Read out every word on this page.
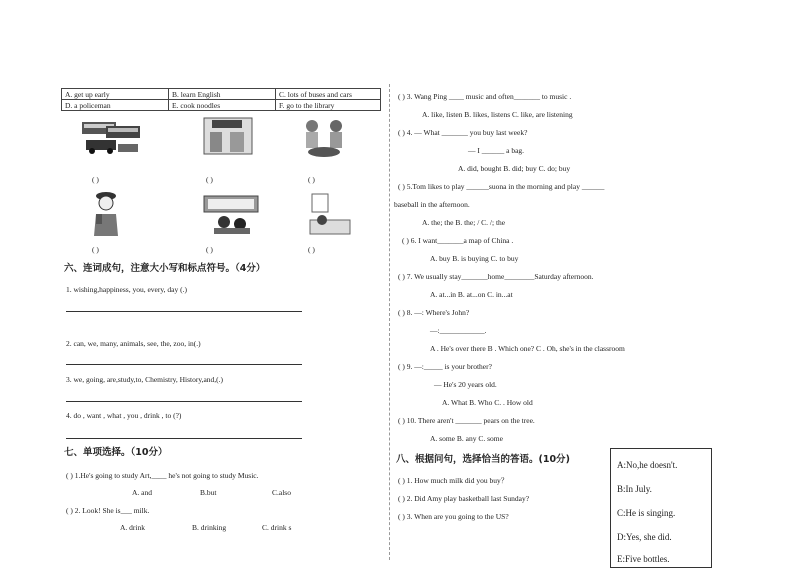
A. get up early	B. learn English	C. lots of buses and cars
D. a policeman	E. cook noodles	F. go to the library
( )	( )	( )
( )	( )	( )
六、连词成句，注意大小写和标点符号。（4分）
1. wishing,happiness, you, every, day (.)
2. can, we, many, animals, see, the, zoo, in(.)
3. we, going, are,study,to, Chemistry, History,and,(.)
4. do , want , what , you , drink , to (?)
七、单项选择。（10分）
( ) 1.He's going to study Art,____ he's not going to study Music.
A. and	B.but	C.also
( ) 2. Look! She is___ milk.
A. drink	B. drinking	C. drink s
( ) 3. Wang Ping ____ music and often_______ to music .
A. like, listen B. likes, listens C. like, are listening
( ) 4. — What _______ you buy last week?
— I ______ a bag.
A. did, bought B. did; buy C. do; buy
( ) 5.Tom likes to play ______suona in the morning and play ______
baseball in the afternoon.
A. the; the B. the; / C. /; the
( ) 6. I want_______a map of China .
A. buy B. is buying C. to buy
( ) 7. We usually stay_______home________Saturday afternoon.
A. at...in B. at...on C. in...at
( ) 8. —: Where's John?
—:____________.
A . He's over there B . Which one? C . Oh, she's in the classroom
( ) 9. —:_____ is your brother?
— He's 20 years old.
A. What B. Who C. . How old
( ) 10. There aren't _______ pears on the tree.
A. some B. any C. some
八、根据问句，选择恰当的答语。(10分)
( ) 1. How much milk did you buy？
( ) 2. Did Amy play basketball last Sunday?
( ) 3. When are you going to the US?
A:No,he doesn't.
B:In July.
C:He is singing.
D:Yes, she did.
E:Five bottles.
